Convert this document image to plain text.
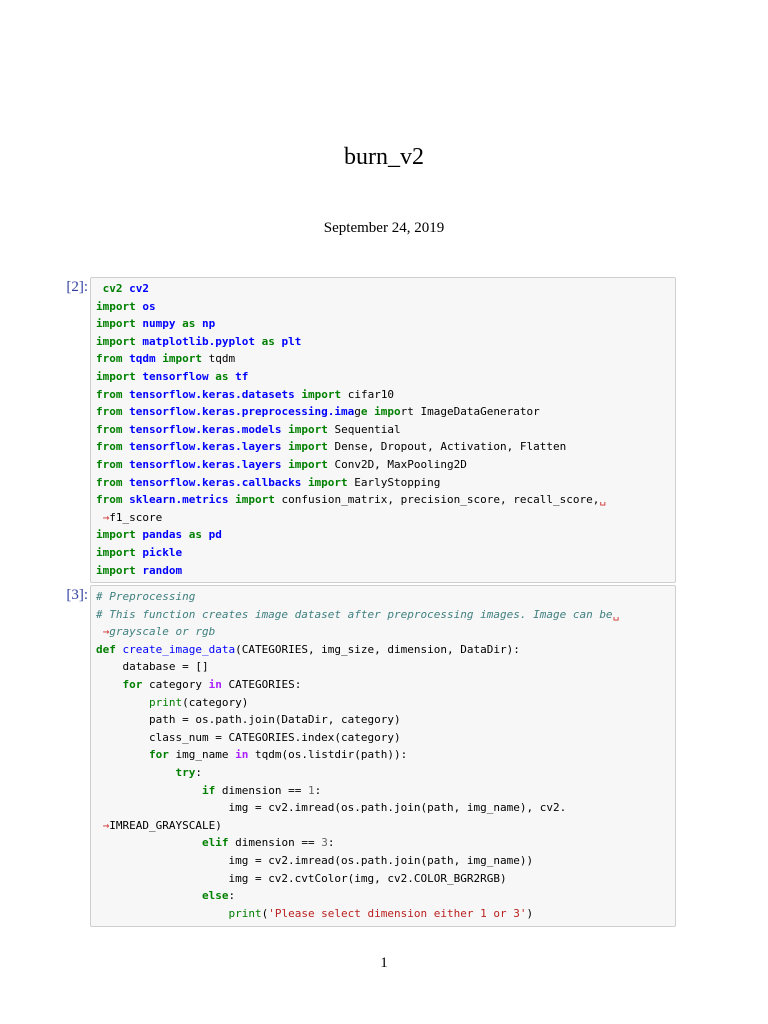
burn_v2
September 24, 2019
[2]: cv2 cv2
import os
import numpy as np
import matplotlib.pyplot as plt
from tqdm import tqdm
import tensorflow as tf
from tensorflow.keras.datasets import cifar10
from tensorflow.keras.preprocessing.image import ImageDataGenerator
from tensorflow.keras.models import Sequential
from tensorflow.keras.layers import Dense, Dropout, Activation, Flatten
from tensorflow.keras.layers import Conv2D, MaxPooling2D
from tensorflow.keras.callbacks import EarlyStopping
from sklearn.metrics import confusion_matrix, precision_score, recall_score,␣
→f1_score
import pandas as pd
import pickle
import random
[3]: # Preprocessing
# This function creates image dataset after preprocessing images. Image can be␣
→grayscale or rgb
def create_image_data(CATEGORIES, img_size, dimension, DataDir):
database = []
for category in CATEGORIES:
print(category)
path = os.path.join(DataDir, category)
class_num = CATEGORIES.index(category)
for img_name in tqdm(os.listdir(path)):
try:
if dimension == 1:
img = cv2.imread(os.path.join(path, img_name), cv2.
→IMREAD_GRAYSCALE)
elif dimension == 3:
img = cv2.imread(os.path.join(path, img_name))
img = cv2.cvtColor(img, cv2.COLOR_BGR2RGB)
else:
print('Please select dimension either 1 or 3')
1
